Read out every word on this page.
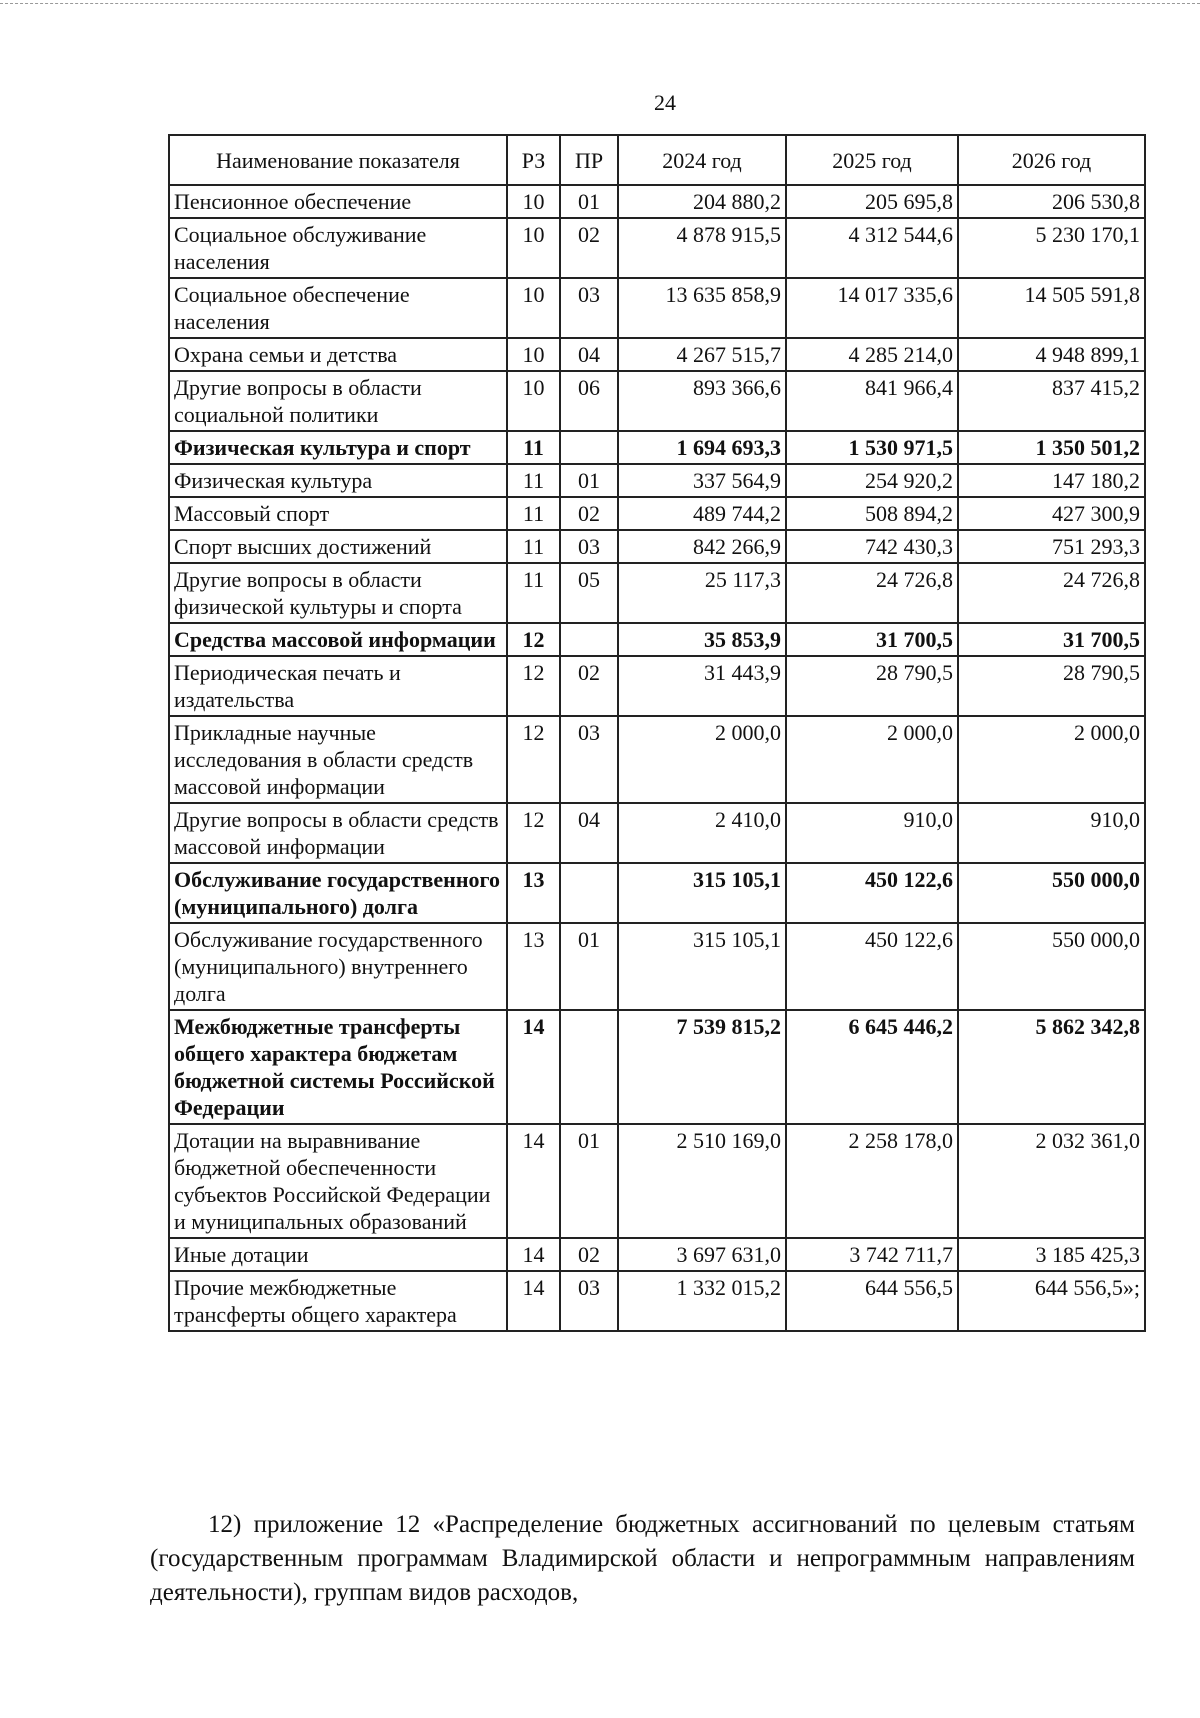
24
Наименование показателя	РЗ	ПР	2024 год	2025 год	2026 год
Пенсионное обеспечение	10	01	204 880,2	205 695,8	206 530,8
Социальное обслуживание населения	10	02	4 878 915,5	4 312 544,6	5 230 170,1
Социальное обеспечение населения	10	03	13 635 858,9	14 017 335,6	14 505 591,8
Охрана семьи и детства	10	04	4 267 515,7	4 285 214,0	4 948 899,1
Другие вопросы в области социальной политики	10	06	893 366,6	841 966,4	837 415,2
Физическая культура и спорт	11		1 694 693,3	1 530 971,5	1 350 501,2
Физическая культура	11	01	337 564,9	254 920,2	147 180,2
Массовый спорт	11	02	489 744,2	508 894,2	427 300,9
Спорт высших достижений	11	03	842 266,9	742 430,3	751 293,3
Другие вопросы в области физической культуры и спорта	11	05	25 117,3	24 726,8	24 726,8
Средства массовой информации	12		35 853,9	31 700,5	31 700,5
Периодическая печать и издательства	12	02	31 443,9	28 790,5	28 790,5
Прикладные научные исследования в области средств массовой информации	12	03	2 000,0	2 000,0	2 000,0
Другие вопросы в области средств массовой информации	12	04	2 410,0	910,0	910,0
Обслуживание государственного (муниципального) долга	13		315 105,1	450 122,6	550 000,0
Обслуживание государственного (муниципального) внутреннего долга	13	01	315 105,1	450 122,6	550 000,0
Межбюджетные трансферты общего характера бюджетам бюджетной системы Российской Федерации	14		7 539 815,2	6 645 446,2	5 862 342,8
Дотации на выравнивание бюджетной обеспеченности субъектов Российской Федерации и муниципальных образований	14	01	2 510 169,0	2 258 178,0	2 032 361,0
Иные дотации	14	02	3 697 631,0	3 742 711,7	3 185 425,3
Прочие межбюджетные трансферты общего характера	14	03	1 332 015,2	644 556,5	644 556,5»;
12) приложение 12 «Распределение бюджетных ассигнований по целевым статьям (государственным программам Владимирской области и непрограммным направлениям деятельности), группам видов расходов,
